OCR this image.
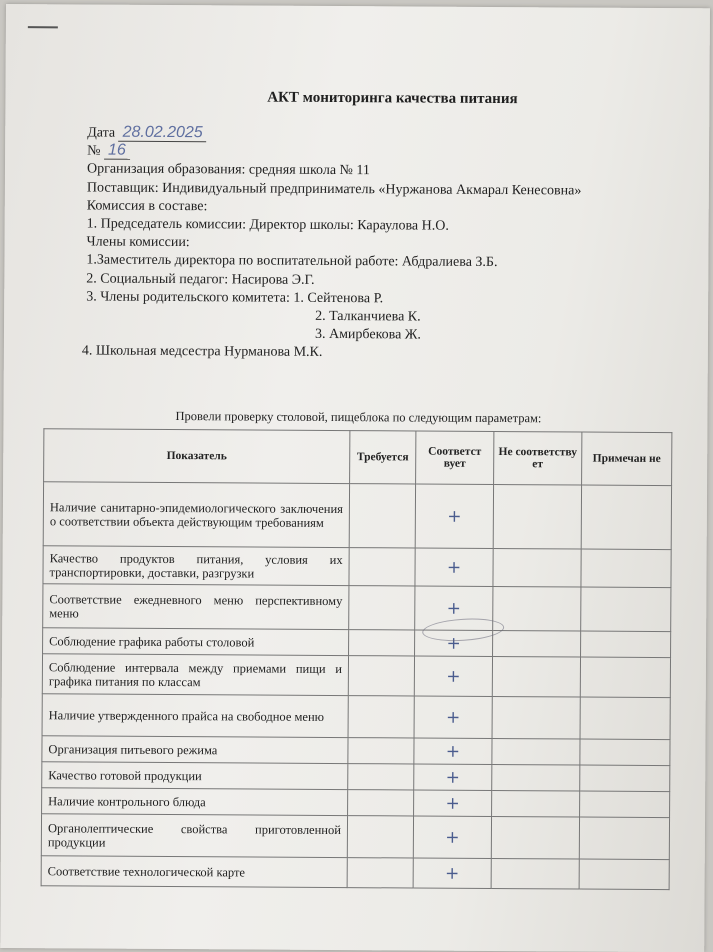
АКТ мониторинга качества питания
Дата 28.02.2025
№ 16
Организация образования: средняя школа № 11
Поставщик: Индивидуальный предприниматель «Нуржанова Акмарал Кенесовна»
Комиссия в составе:
1. Председатель комиссии: Директор школы: Караулова Н.О.
Члены комиссии:
1.Заместитель директора по воспитательной работе: Абдралиева З.Б.
2. Социальный педагог: Насирова Э.Г.
3. Члены родительского комитета: 1. Сейтенова Р.
2. Талканчиева К.
3. Амирбекова Ж.
4. Школьная медсестра Нурманова М.К.
Провели проверку столовой, пищеблока по следующим параметрам:
Показатель	Требуется	Соответст вует	Не соответству ет	Примечан не
Наличие санитарно-эпидемиологического заключения о соответствии объекта действующим требованиям		+		
Качество продуктов питания, условия их транспортировки, доставки, разгрузки		+		
Соответствие ежедневного меню перспективному меню		+		
Соблюдение графика работы столовой		+		
Соблюдение интервала между приемами пищи и графика питания по классам		+		
Наличие утвержденного прайса на свободное меню		+		
Организация питьевого режима		+		
Качество готовой продукции		+		
Наличие контрольного блюда		+		
Органолептические свойства приготовленной продукции		+		
Соответствие технологической карте		+		
